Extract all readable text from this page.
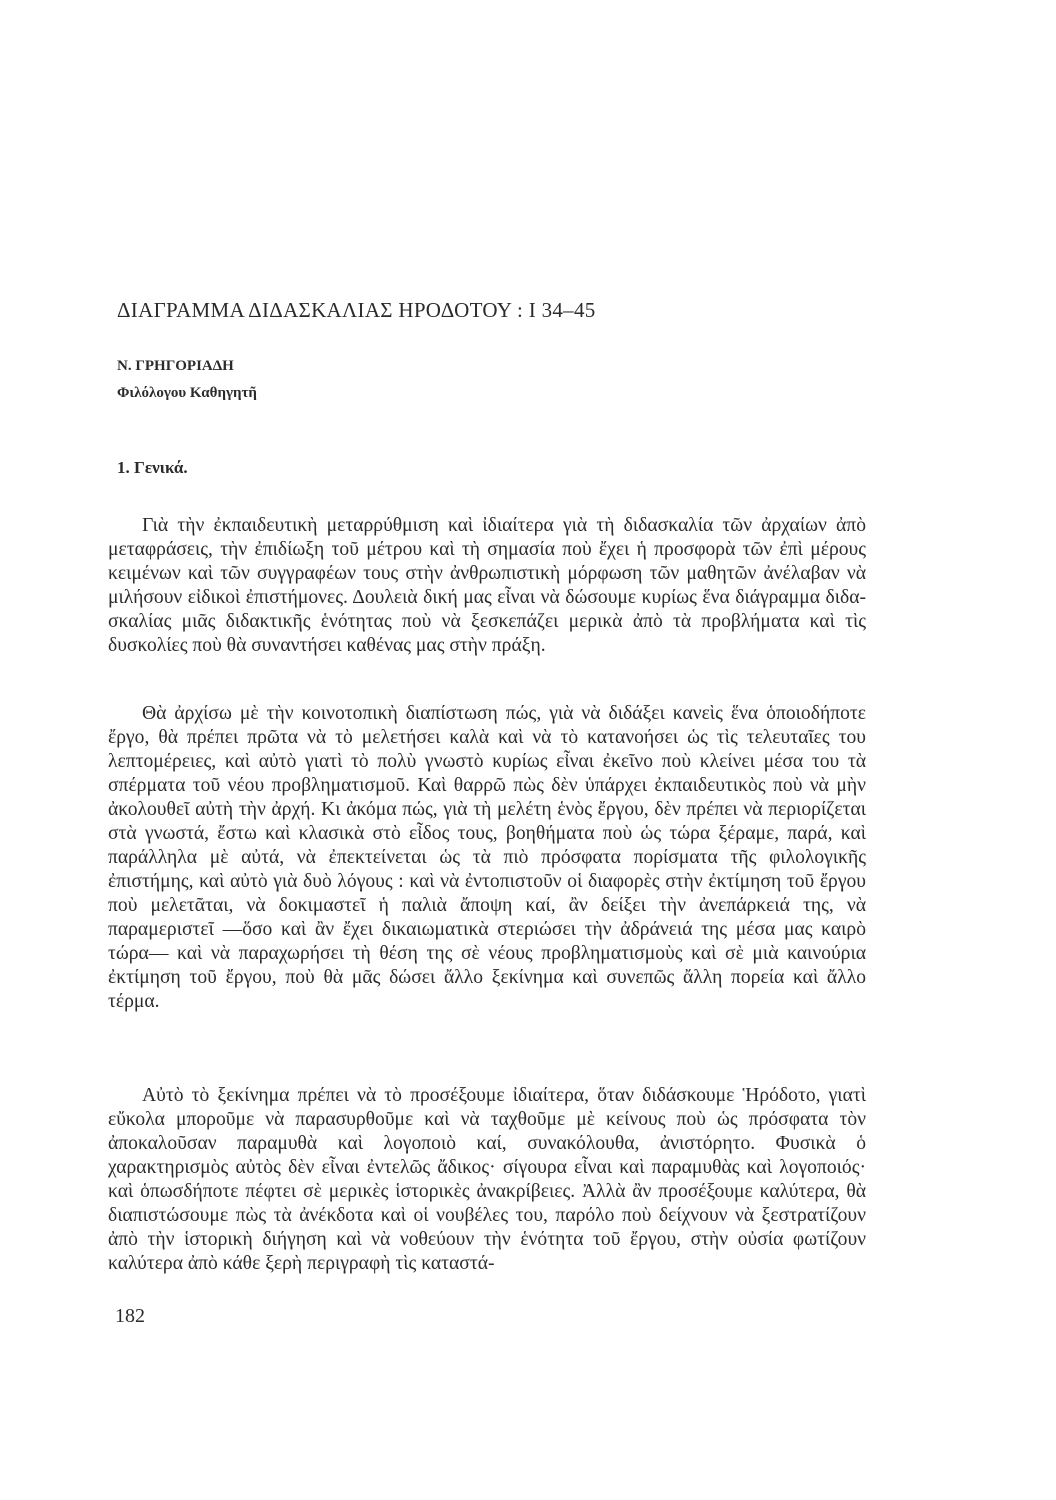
ΔΙΑΓΡΑΜΜΑ ΔΙΔΑΣΚΑΛΙΑΣ ΗΡΟΔΟΤΟΥ : Ι 34–45
Ν. ΓΡΗΓΟΡΙΑΔΗ
Φιλόλογου Καθηγητῆ
1. Γενικά.

Γιὰ τὴν ἐκπαιδευτικὴ μεταρρύθμιση καὶ ἰδιαίτερα γιὰ τὴ διδασκαλία τῶν ἀρχαίων ἀπὸ μεταφράσεις, τὴν ἐπιδίωξη τοῦ μέτρου καὶ τὴ σημασία ποὺ ἔχει ἡ προσφορὰ τῶν ἐπὶ μέρους κειμένων καὶ τῶν συγγραφέων τους στὴν ἀνθρωπιστικὴ μόρφωση τῶν μαθητῶν ἀνέλαβαν νὰ μιλήσουν εἰδικοὶ ἐπιστήμονες. Δουλειὰ δική μας εἶναι νὰ δώσουμε κυρίως ἕνα διάγραμμα διδασκαλίας μιᾶς διδακτικῆς ἑνότητας ποὺ νὰ ξεσκεπάζει μερικὰ ἀπὸ τὰ προβλήματα καὶ τὶς δυσκολίες ποὺ θὰ συναντήσει καθένας μας στὴν πράξη.

Θὰ ἀρχίσω μὲ τὴν κοινοτοπικὴ διαπίστωση πώς, γιὰ νὰ διδάξει κανεὶς ἕνα ὁποιοδήποτε ἔργο, θὰ πρέπει πρῶτα νὰ τὸ μελετήσει καλὰ καὶ νὰ τὸ κατανοήσει ὡς τὶς τελευταῖες του λεπτομέρειες, καὶ αὐτὸ γιατὶ τὸ πολὺ γνωστὸ κυρίως εἶναι ἐκεῖνο ποὺ κλείνει μέσα του τὰ σπέρματα τοῦ νέου προβληματισμοῦ. Καὶ θαρρῶ πὼς δὲν ὑπάρχει ἐκπαιδευτικὸς ποὺ νὰ μὴν ἀκολουθεῖ αὐτὴ τὴν ἀρχή. Κι ἀκόμα πώς, γιὰ τὴ μελέτη ἑνὸς ἔργου, δὲν πρέπει νὰ περιορίζεται στὰ γνωστά, ἔστω καὶ κλασικὰ στὸ εἶδος τους, βοηθήματα ποὺ ὡς τώρα ξέραμε, παρά, καὶ παράλληλα μὲ αὐτά, νὰ ἐπεκτείνεται ὡς τὰ πιὸ πρόσφατα πορίσματα τῆς φιλολογικῆς ἐπιστήμης, καὶ αὐτὸ γιὰ δυὸ λόγους : καὶ νὰ ἐντοπιστοῦν οἱ διαφορὲς στὴν ἐκτίμηση τοῦ ἔργου ποὺ μελετᾶται, νὰ δοκιμαστεῖ ἡ παλιὰ ἄποψη καί, ἂν δείξει τὴν ἀνεπάρκειά της, νὰ παραμεριστεῖ —ὅσο καὶ ἂν ἔχει δικαιωματικὰ στεριώσει τὴν ἀδράνειά της μέσα μας καιρὸ τώρα— καὶ νὰ παραχωρήσει τὴ θέση της σὲ νέους προβληματισμοὺς καὶ σὲ μιὰ καινούρια ἐκτίμηση τοῦ ἔργου, ποὺ θὰ μᾶς δώσει ἄλλο ξεκίνημα καὶ συνεπῶς ἄλλη πορεία καὶ ἄλλο τέρμα.

Αὐτὸ τὸ ξεκίνημα πρέπει νὰ τὸ προσέξουμε ἰδιαίτερα, ὅταν διδάσκουμε Ἡρόδοτο, γιατὶ εὔκολα μποροῦμε νὰ παρασυρθοῦμε καὶ νὰ ταχθοῦμε μὲ κείνους ποὺ ὡς πρόσφατα τὸν ἀποκαλοῦσαν παραμυθὰ καὶ λογοποιὸ καί, συνακόλουθα, ἀνιστόρητο. Φυσικὰ ὁ χαρακτηρισμὸς αὐτὸς δὲν εἶναι ἐντελῶς ἄδικος· σίγουρα εἶναι καὶ παραμυθὰς καὶ λογοποιός· καὶ ὁπωσδήποτε πέφτει σὲ μερικὲς ἱστορικὲς ἀνακρίβειες. Ἀλλὰ ἂν προσέξουμε καλύτερα, θὰ διαπιστώσουμε πὼς τὰ ἀνέκδοτα καὶ οἱ νουβέλες του, παρόλο ποὺ δείχνουν νὰ ξεστρατίζουν ἀπὸ τὴν ἱστορικὴ διήγηση καὶ νὰ νοθεύουν τὴν ἑνότητα τοῦ ἔργου, στὴν οὐσία φωτίζουν καλύτερα ἀπὸ κάθε ξερὴ περιγραφὴ τὶς καταστά-

182
